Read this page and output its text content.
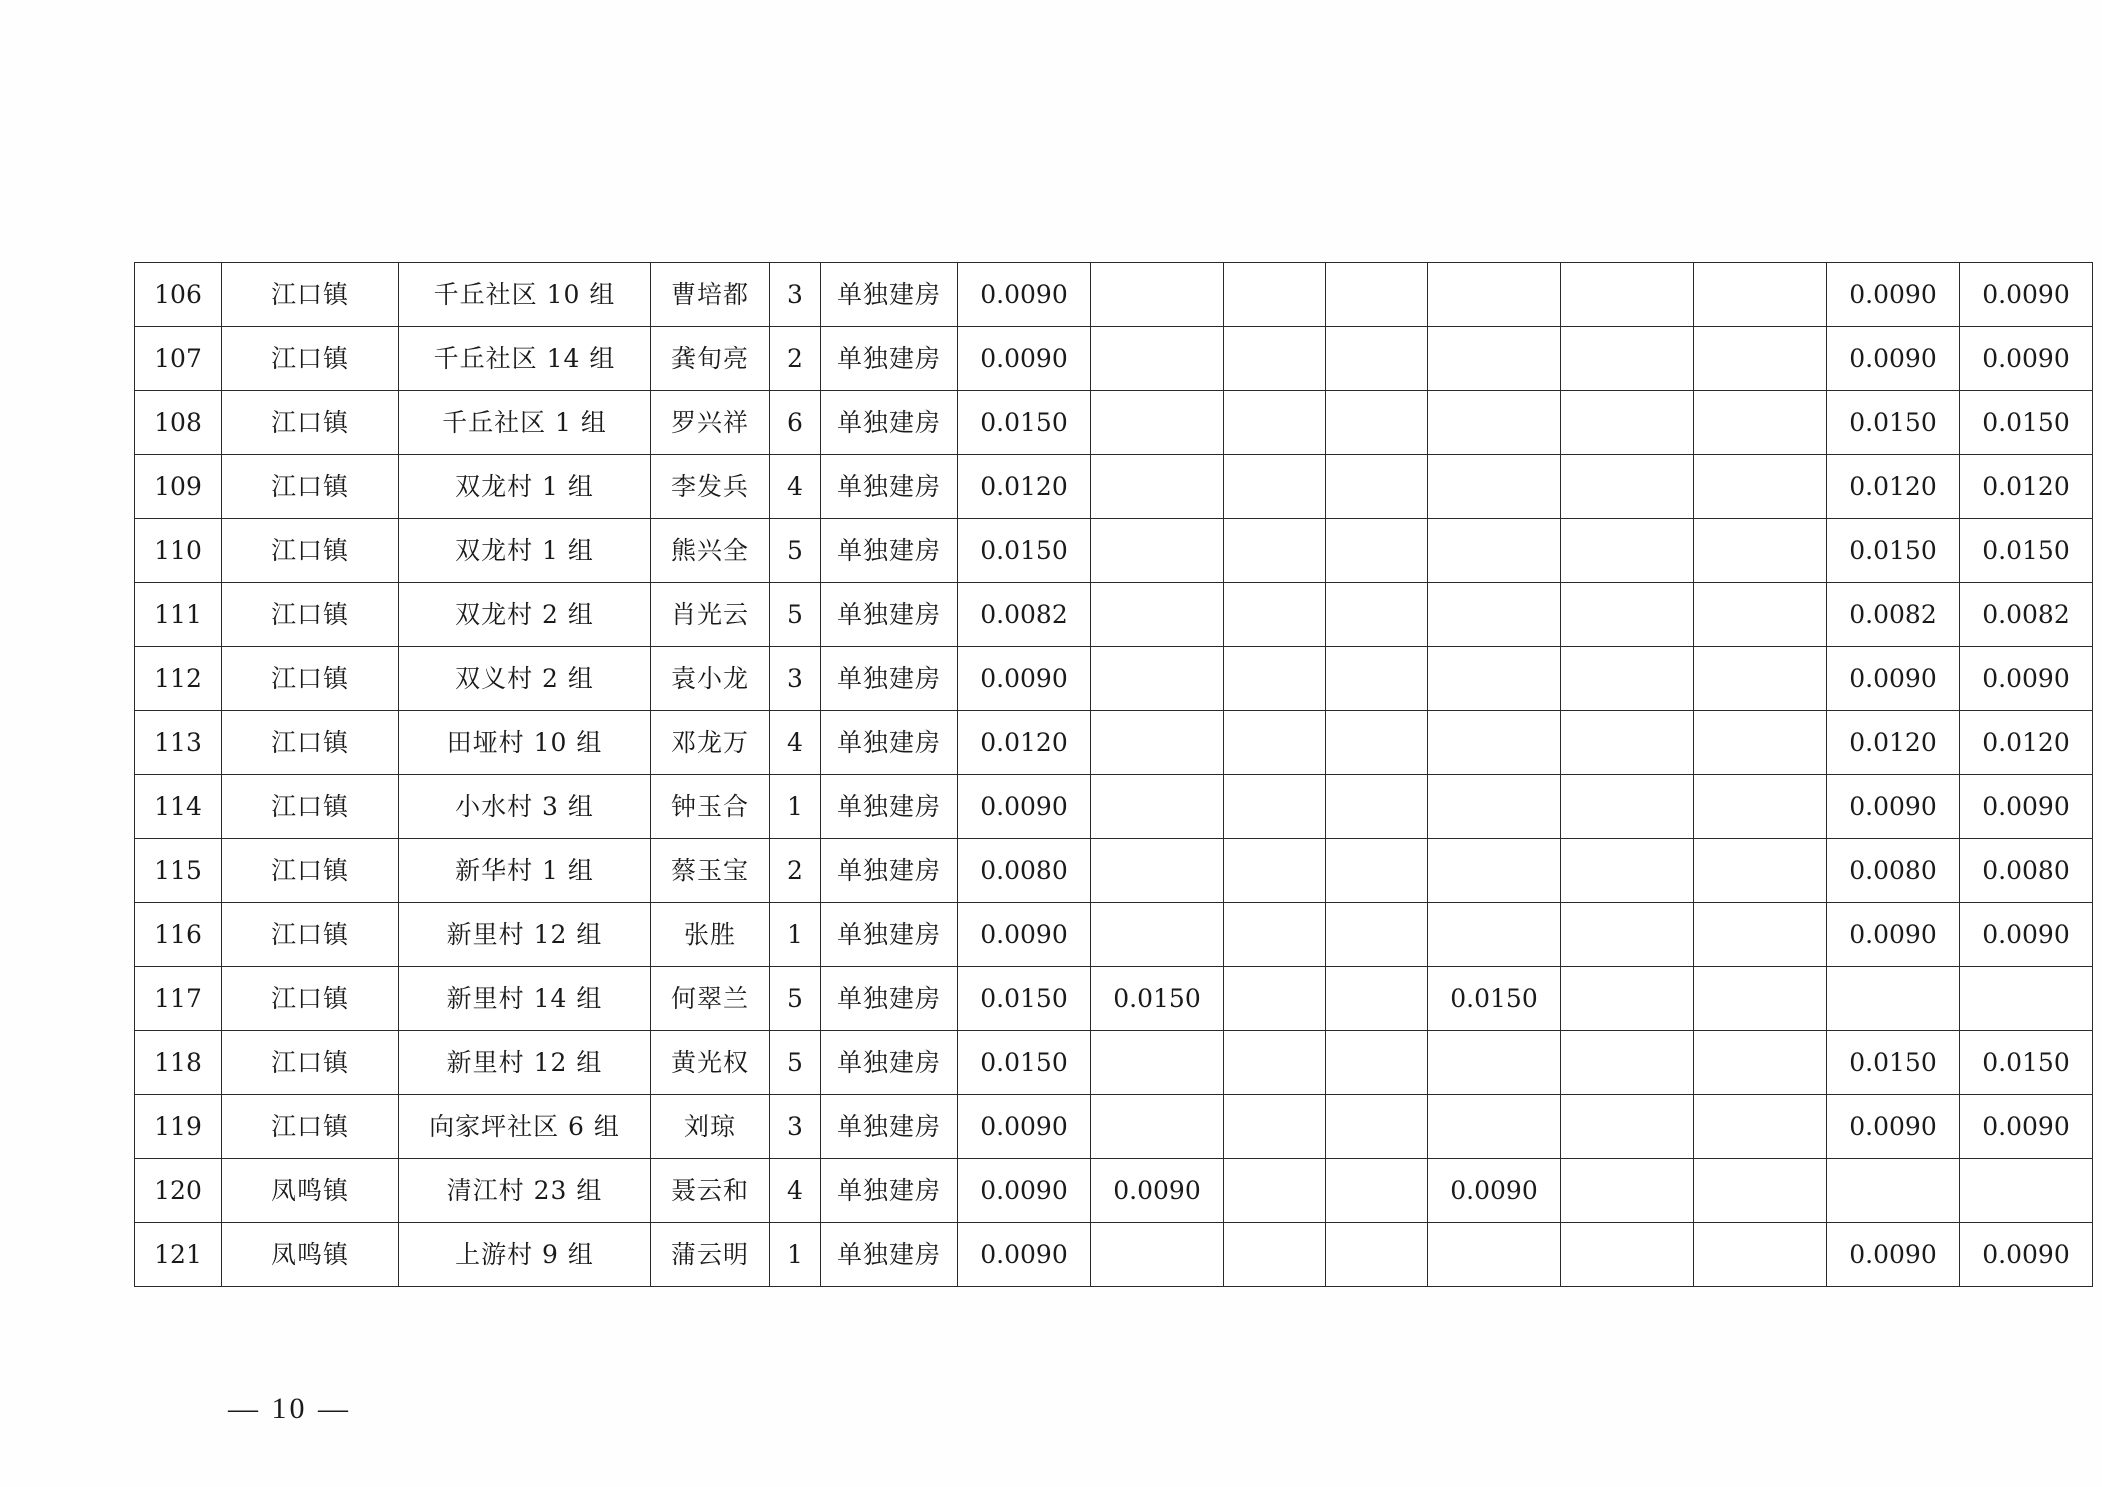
106	江口镇	千丘社区 10 组	曹培都	3	单独建房	0.0090							0.0090	0.0090
107	江口镇	千丘社区 14 组	龚旬亮	2	单独建房	0.0090							0.0090	0.0090
108	江口镇	千丘社区 1 组	罗兴祥	6	单独建房	0.0150							0.0150	0.0150
109	江口镇	双龙村 1 组	李发兵	4	单独建房	0.0120							0.0120	0.0120
110	江口镇	双龙村 1 组	熊兴全	5	单独建房	0.0150							0.0150	0.0150
111	江口镇	双龙村 2 组	肖光云	5	单独建房	0.0082							0.0082	0.0082
112	江口镇	双义村 2 组	袁小龙	3	单独建房	0.0090							0.0090	0.0090
113	江口镇	田垭村 10 组	邓龙万	4	单独建房	0.0120							0.0120	0.0120
114	江口镇	小水村 3 组	钟玉合	1	单独建房	0.0090							0.0090	0.0090
115	江口镇	新华村 1 组	蔡玉宝	2	单独建房	0.0080							0.0080	0.0080
116	江口镇	新里村 12 组	张胜	1	单独建房	0.0090							0.0090	0.0090
117	江口镇	新里村 14 组	何翠兰	5	单独建房	0.0150	0.0150			0.0150				
118	江口镇	新里村 12 组	黄光权	5	单独建房	0.0150							0.0150	0.0150
119	江口镇	向家坪社区 6 组	刘琼	3	单独建房	0.0090							0.0090	0.0090
120	凤鸣镇	清江村 23 组	聂云和	4	单独建房	0.0090	0.0090			0.0090				
121	凤鸣镇	上游村 9 组	蒲云明	1	单独建房	0.0090							0.0090	0.0090
— 10 —
